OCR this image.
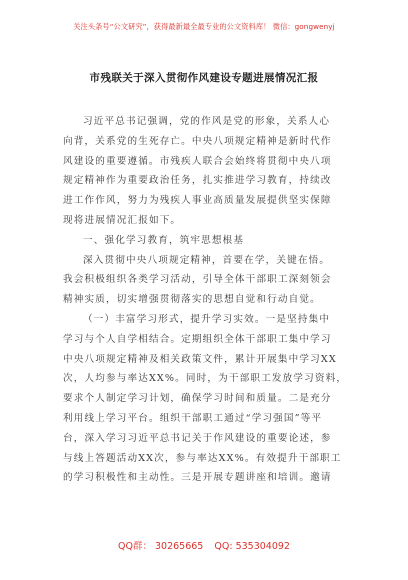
关注头条号“公文研究”，获得最新最全最专业的公文资料库！ 微信：gongwenyj
市残联关于深入贯彻作风建设专题进展情况汇报
习近平总书记强调，党的作风是党的形象，关系人心
向背，关系党的生死存亡。中央八项规定精神是新时代作
风建设的重要遵循。市残疾人联合会始终将贯彻中央八项
规定精神作为重要政治任务，扎实推进学习教育，持续改
进工作作风，努力为残疾人事业高质量发展提供坚实保障
现将进展情况汇报如下。
一、强化学习教育，筑牢思想根基
深入贯彻中央八项规定精神，首要在学，关键在悟。
我会积极组织各类学习活动，引导全体干部职工深刻领会
精神实质，切实增强贯彻落实的思想自觉和行动自觉。
（一）丰富学习形式，提升学习实效。一是坚持集中
学习与个人自学相结合。定期组织全体干部职工集中学习
中央八项规定精神及相关政策文件，累计开展集中学习XX
次，人均参与率达XX%。同时，为干部职工发放学习资料，
要求个人制定学习计划，确保学习时间和质量。二是充分
利用线上学习平台。组织干部职工通过“学习强国”等平
台，深入学习习近平总书记关于作风建设的重要论述，参
与线上答题活动XX次，参与率达XX%。有效提升干部职工
的学习积极性和主动性。三是开展专题讲座和培训。邀请
QQ群： 30265665 QQ: 535304092
